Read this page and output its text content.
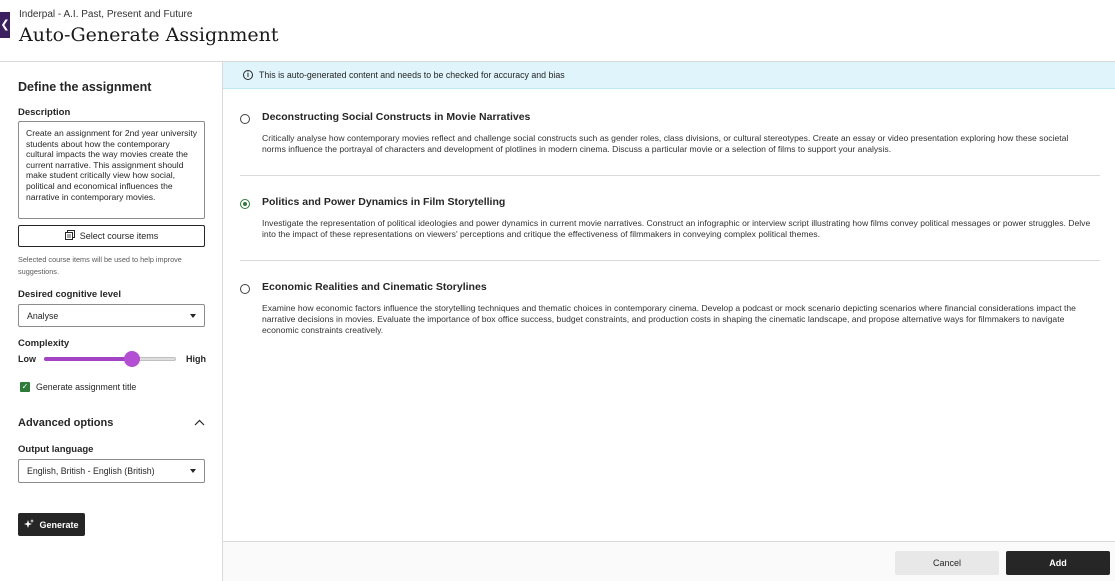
Inderpal - A.I. Past, Present and Future
Auto-Generate Assignment
❮
Define the assignment
Description
Create an assignment for 2nd year university students about how the contemporary cultural impacts the way movies create the current narrative. This assignment should make student critically view how social, political and economical influences the narrative in contemporary movies.
Select course items
Selected course items will be used to help improve suggestions.
Desired cognitive level
Analyse
Complexity
Low	High
✓ Generate assignment title
Advanced options
Output language
English, British - English (British)
Generate
i	This is auto-generated content and needs to be checked for accuracy and bias
Deconstructing Social Constructs in Movie Narratives
Critically analyse how contemporary movies reflect and challenge social constructs such as gender roles, class divisions, or cultural stereotypes. Create an essay or video presentation exploring how these societal norms influence the portrayal of characters and development of plotlines in modern cinema. Discuss a particular movie or a selection of films to support your analysis.
Politics and Power Dynamics in Film Storytelling
Investigate the representation of political ideologies and power dynamics in current movie narratives. Construct an infographic or interview script illustrating how films convey political messages or power struggles. Delve into the impact of these representations on viewers' perceptions and critique the effectiveness of filmmakers in conveying complex political themes.
Economic Realities and Cinematic Storylines
Examine how economic factors influence the storytelling techniques and thematic choices in contemporary cinema. Develop a podcast or mock scenario depicting scenarios where financial considerations impact the narrative decisions in movies. Evaluate the importance of box office success, budget constraints, and production costs in shaping the cinematic landscape, and propose alternative ways for filmmakers to navigate economic constraints creatively.
Cancel	Add
